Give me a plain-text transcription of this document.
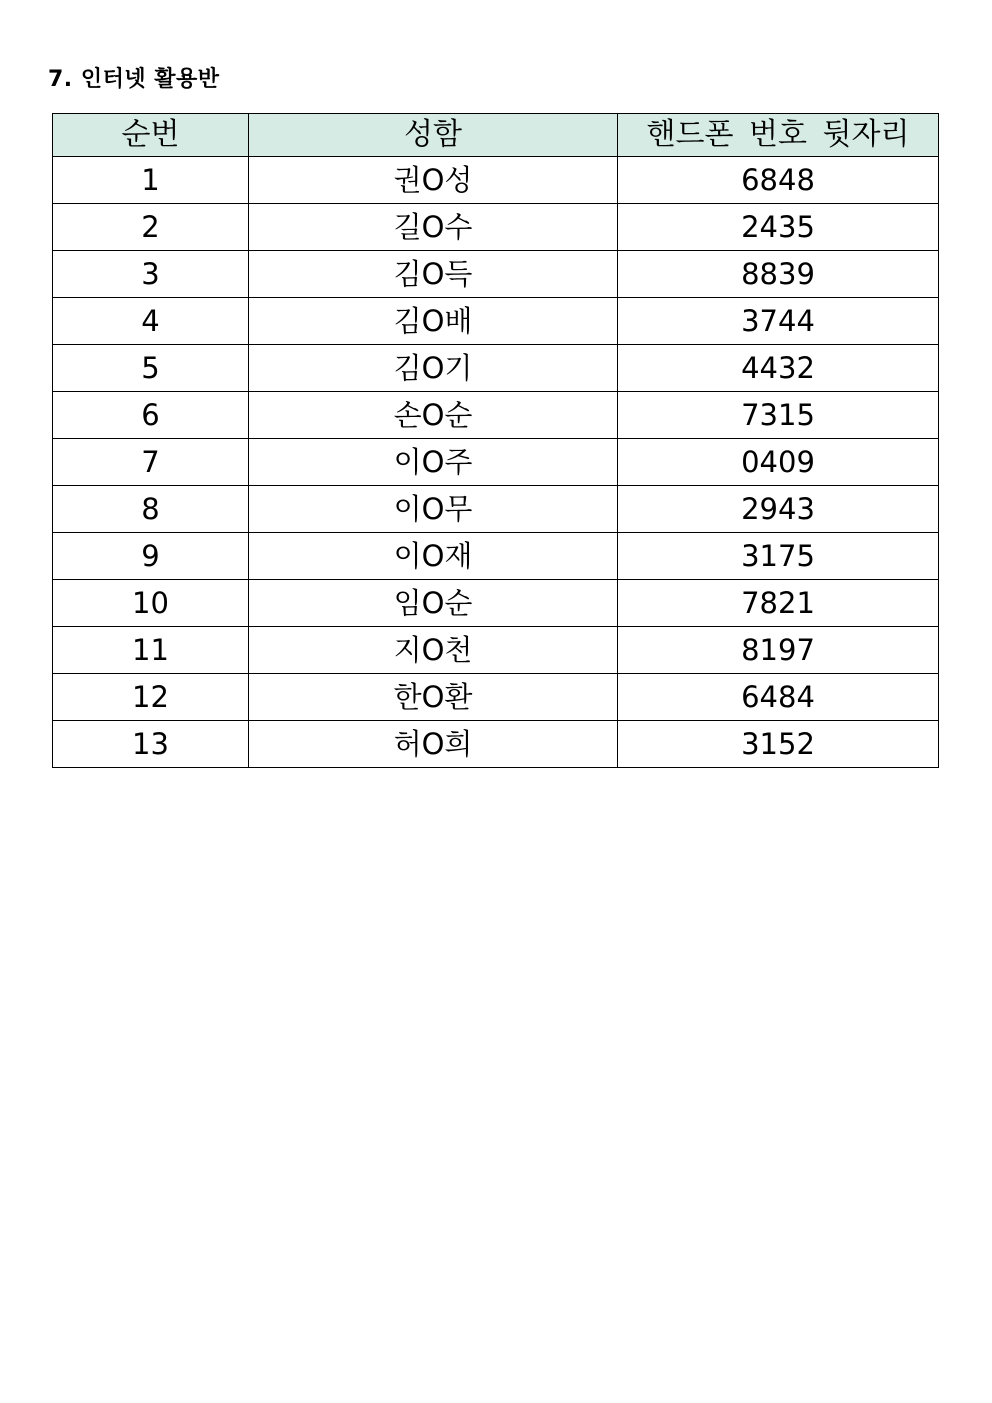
7. 인터넷 활용반
순번	성함	핸드폰 번호 뒷자리
1	권O성	6848
2	길O수	2435
3	김O득	8839
4	김O배	3744
5	김O기	4432
6	손O순	7315
7	이O주	0409
8	이O무	2943
9	이O재	3175
10	임O순	7821
11	지O천	8197
12	한O환	6484
13	허O희	3152
